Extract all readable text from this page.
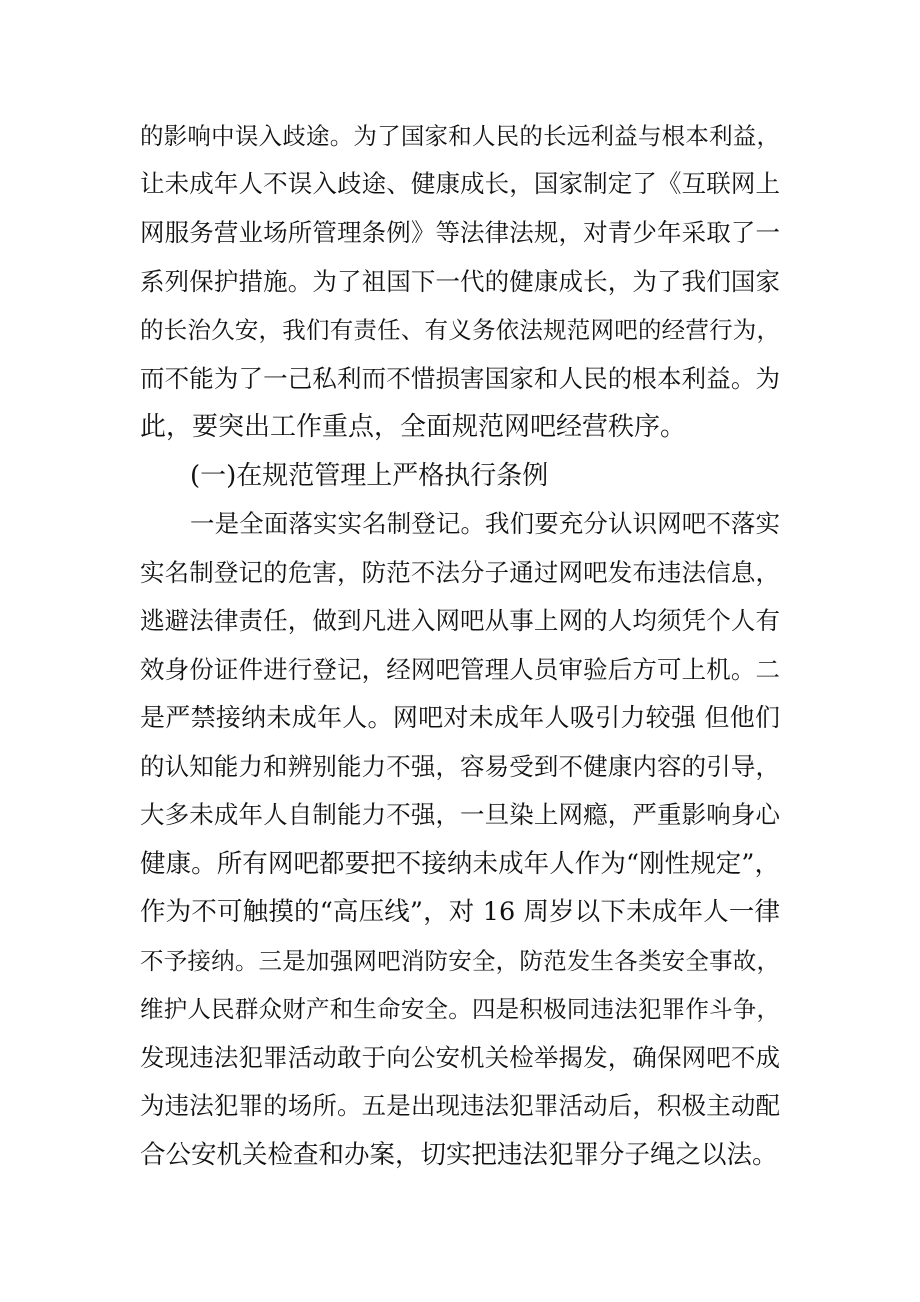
的影响中误入歧途。为了国家和人民的长远利益与根本利益，
让未成年人不误入歧途、健康成长，国家制定了《互联网上
网服务营业场所管理条例》等法律法规，对青少年采取了一
系列保护措施。为了祖国下一代的健康成长，为了我们国家
的长治久安，我们有责任、有义务依法规范网吧的经营行为，
而不能为了一己私利而不惜损害国家和人民的根本利益。为
此，要突出工作重点，全面规范网吧经营秩序。
(一)在规范管理上严格执行条例
一是全面落实实名制登记。我们要充分认识网吧不落实
实名制登记的危害，防范不法分子通过网吧发布违法信息，
逃避法律责任，做到凡进入网吧从事上网的人均须凭个人有
效身份证件进行登记，经网吧管理人员审验后方可上机。二
是严禁接纳未成年人。网吧对未成年人吸引力较强 但他们
的认知能力和辨别能力不强，容易受到不健康内容的引导，
大多未成年人自制能力不强，一旦染上网瘾，严重影响身心
健康。所有网吧都要把不接纳未成年人作为“刚性规定”，
作为不可触摸的“高压线”，对 16 周岁以下未成年人一律
不予接纳。三是加强网吧消防安全，防范发生各类安全事故，
维护人民群众财产和生命安全。四是积极同违法犯罪作斗争，
发现违法犯罪活动敢于向公安机关检举揭发，确保网吧不成
为违法犯罪的场所。五是出现违法犯罪活动后，积极主动配
合公安机关检查和办案，切实把违法犯罪分子绳之以法。
